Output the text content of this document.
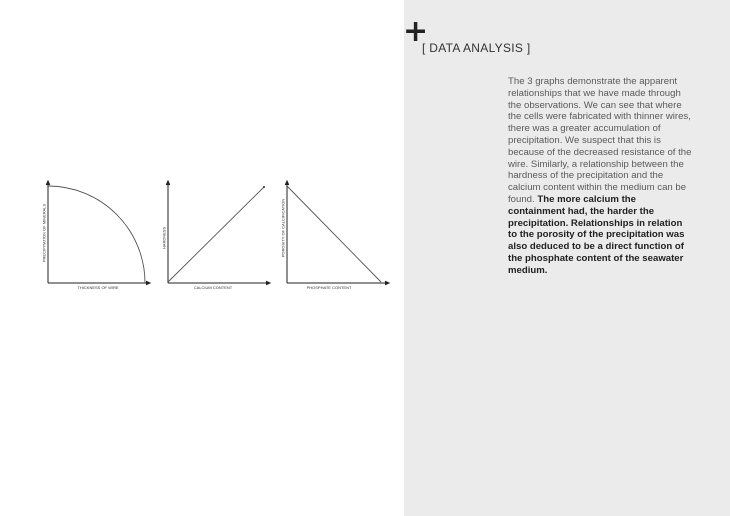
+
[ DATA ANALYSIS ]
The 3 graphs demonstrate the apparent relationships that we have made through the observations. We can see that where the cells were fabricated with thinner wires, there was a greater accumulation of precipitation. We suspect that this is because of the decreased resistance of the wire. Similarly, a relationship between the hardness of the precipitation and the calcium content within the medium can be found. The more calcium the containment had, the harder the precipitation. Relationships in relation to the porosity of the precipitation was also deduced to be a direct function of the phosphate content of the seawater medium.
THICKNESS OF WIRE
PRECIPITATION OF MINERALS
CALCIUM CONTENT
HARDNESS
PHOSPHATE CONTENT
POROSITY OF CALCIFICATION
